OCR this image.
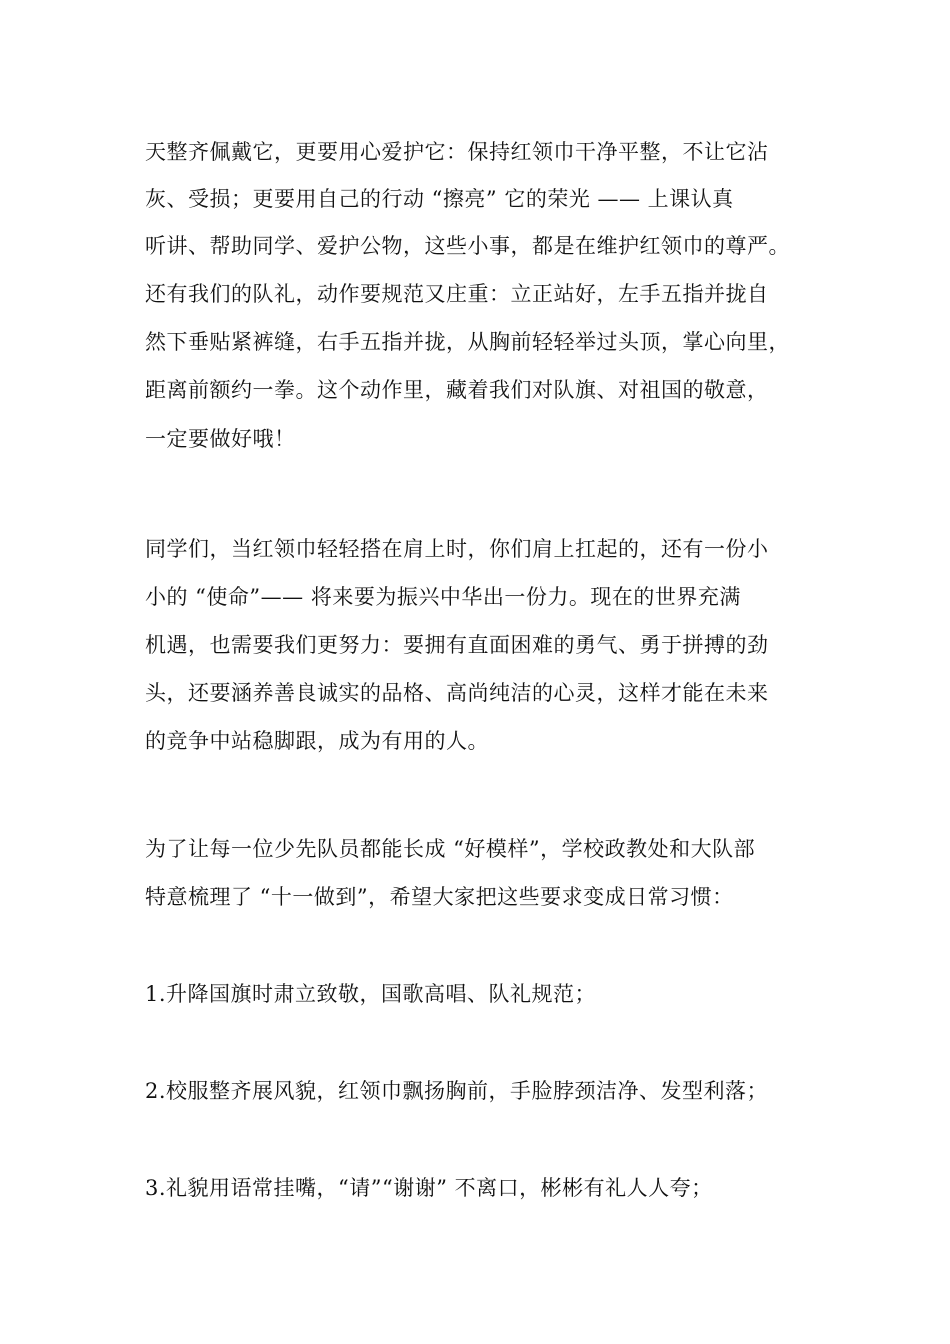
天整齐佩戴它，更要用心爱护它：保持红领巾干净平整，不让它沾
灰、受损；更要用自己的行动 “擦亮” 它的荣光 —— 上课认真
听讲、帮助同学、爱护公物，这些小事，都是在维护红领巾的尊严。
还有我们的队礼，动作要规范又庄重：立正站好，左手五指并拢自
然下垂贴紧裤缝，右手五指并拢，从胸前轻轻举过头顶，掌心向里，
距离前额约一拳。这个动作里，藏着我们对队旗、对祖国的敬意，
一定要做好哦！
同学们，当红领巾轻轻搭在肩上时，你们肩上扛起的，还有一份小
小的 “使命”—— 将来要为振兴中华出一份力。现在的世界充满
机遇，也需要我们更努力：要拥有直面困难的勇气、勇于拼搏的劲
头，还要涵养善良诚实的品格、高尚纯洁的心灵，这样才能在未来
的竞争中站稳脚跟，成为有用的人。
为了让每一位少先队员都能长成 “好模样”，学校政教处和大队部
特意梳理了 “十一做到”，希望大家把这些要求变成日常习惯：
1.升降国旗时肃立致敬，国歌高唱、队礼规范；
2.校服整齐展风貌，红领巾飘扬胸前，手脸脖颈洁净、发型利落；
3.礼貌用语常挂嘴，“请”“谢谢” 不离口，彬彬有礼人人夸；
